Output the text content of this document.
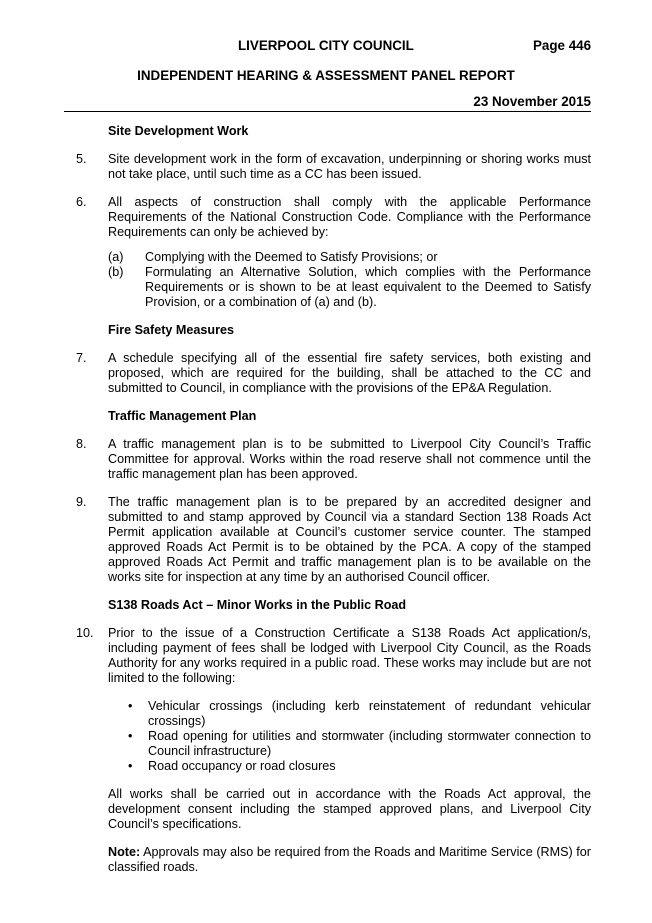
LIVERPOOL CITY COUNCIL	Page 446
INDEPENDENT HEARING & ASSESSMENT PANEL REPORT
23 November 2015
Site Development Work
5.	Site development work in the form of excavation, underpinning or shoring works must not take place, until such time as a CC has been issued.
6.	All aspects of construction shall comply with the applicable Performance Requirements of the National Construction Code. Compliance with the Performance Requirements can only be achieved by:
(a)	Complying with the Deemed to Satisfy Provisions; or
(b)	Formulating an Alternative Solution, which complies with the Performance Requirements or is shown to be at least equivalent to the Deemed to Satisfy Provision, or a combination of (a) and (b).
Fire Safety Measures
7.	A schedule specifying all of the essential fire safety services, both existing and proposed, which are required for the building, shall be attached to the CC and submitted to Council, in compliance with the provisions of the EP&A Regulation.
Traffic Management Plan
8.	A traffic management plan is to be submitted to Liverpool City Council’s Traffic Committee for approval. Works within the road reserve shall not commence until the traffic management plan has been approved.
9.	The traffic management plan is to be prepared by an accredited designer and submitted to and stamp approved by Council via a standard Section 138 Roads Act Permit application available at Council’s customer service counter. The stamped approved Roads Act Permit is to be obtained by the PCA. A copy of the stamped approved Roads Act Permit and traffic management plan is to be available on the works site for inspection at any time by an authorised Council officer.
S138 Roads Act – Minor Works in the Public Road
10.	Prior to the issue of a Construction Certificate a S138 Roads Act application/s, including payment of fees shall be lodged with Liverpool City Council, as the Roads Authority for any works required in a public road. These works may include but are not limited to the following:
•	Vehicular crossings (including kerb reinstatement of redundant vehicular crossings)
•	Road opening for utilities and stormwater (including stormwater connection to Council infrastructure)
•	Road occupancy or road closures
All works shall be carried out in accordance with the Roads Act approval, the development consent including the stamped approved plans, and Liverpool City Council’s specifications.
Note: Approvals may also be required from the Roads and Maritime Service (RMS) for classified roads.
